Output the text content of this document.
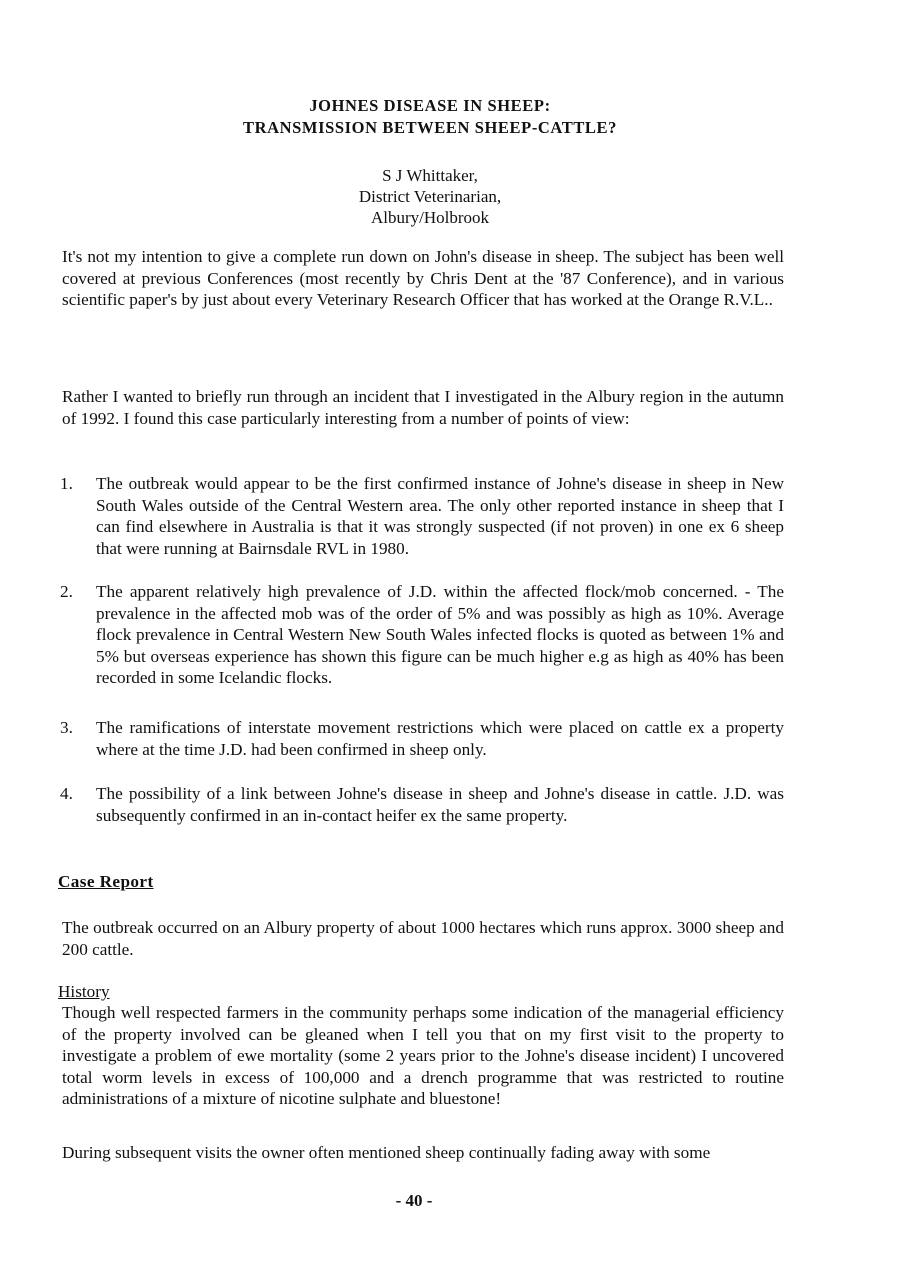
JOHNES DISEASE IN SHEEP:
TRANSMISSION BETWEEN SHEEP-CATTLE?
S J Whittaker,
District Veterinarian,
Albury/Holbrook

It's not my intention to give a complete run down on John's disease in sheep. The subject has been well covered at previous Conferences (most recently by Chris Dent at the '87 Conference), and in various scientific paper's by just about every Veterinary Research Officer that has worked at the Orange R.V.L..

Rather I wanted to briefly run through an incident that I investigated in the Albury region in the autumn of 1992. I found this case particularly interesting from a number of points of view:

1. The outbreak would appear to be the first confirmed instance of Johne's disease in sheep in New South Wales outside of the Central Western area. The only other reported instance in sheep that I can find elsewhere in Australia is that it was strongly suspected (if not proven) in one ex 6 sheep that were running at Bairnsdale RVL in 1980.

2. The apparent relatively high prevalence of J.D. within the affected flock/mob concerned. - The prevalence in the affected mob was of the order of 5% and was possibly as high as 10%. Average flock prevalence in Central Western New South Wales infected flocks is quoted as between 1% and 5% but overseas experience has shown this figure can be much higher e.g as high as 40% has been recorded in some Icelandic flocks.

3. The ramifications of interstate movement restrictions which were placed on cattle ex a property where at the time J.D. had been confirmed in sheep only.

4. The possibility of a link between Johne's disease in sheep and Johne's disease in cattle. J.D. was subsequently confirmed in an in-contact heifer ex the same property.

Case Report

The outbreak occurred on an Albury property of about 1000 hectares which runs approx. 3000 sheep and 200 cattle.

History

Though well respected farmers in the community perhaps some indication of the managerial efficiency of the property involved can be gleaned when I tell you that on my first visit to the property to investigate a problem of ewe mortality (some 2 years prior to the Johne's disease incident) I uncovered total worm levels in excess of 100,000 and a drench programme that was restricted to routine administrations of a mixture of nicotine sulphate and bluestone!

During subsequent visits the owner often mentioned sheep continually fading away with some

- 40 -
